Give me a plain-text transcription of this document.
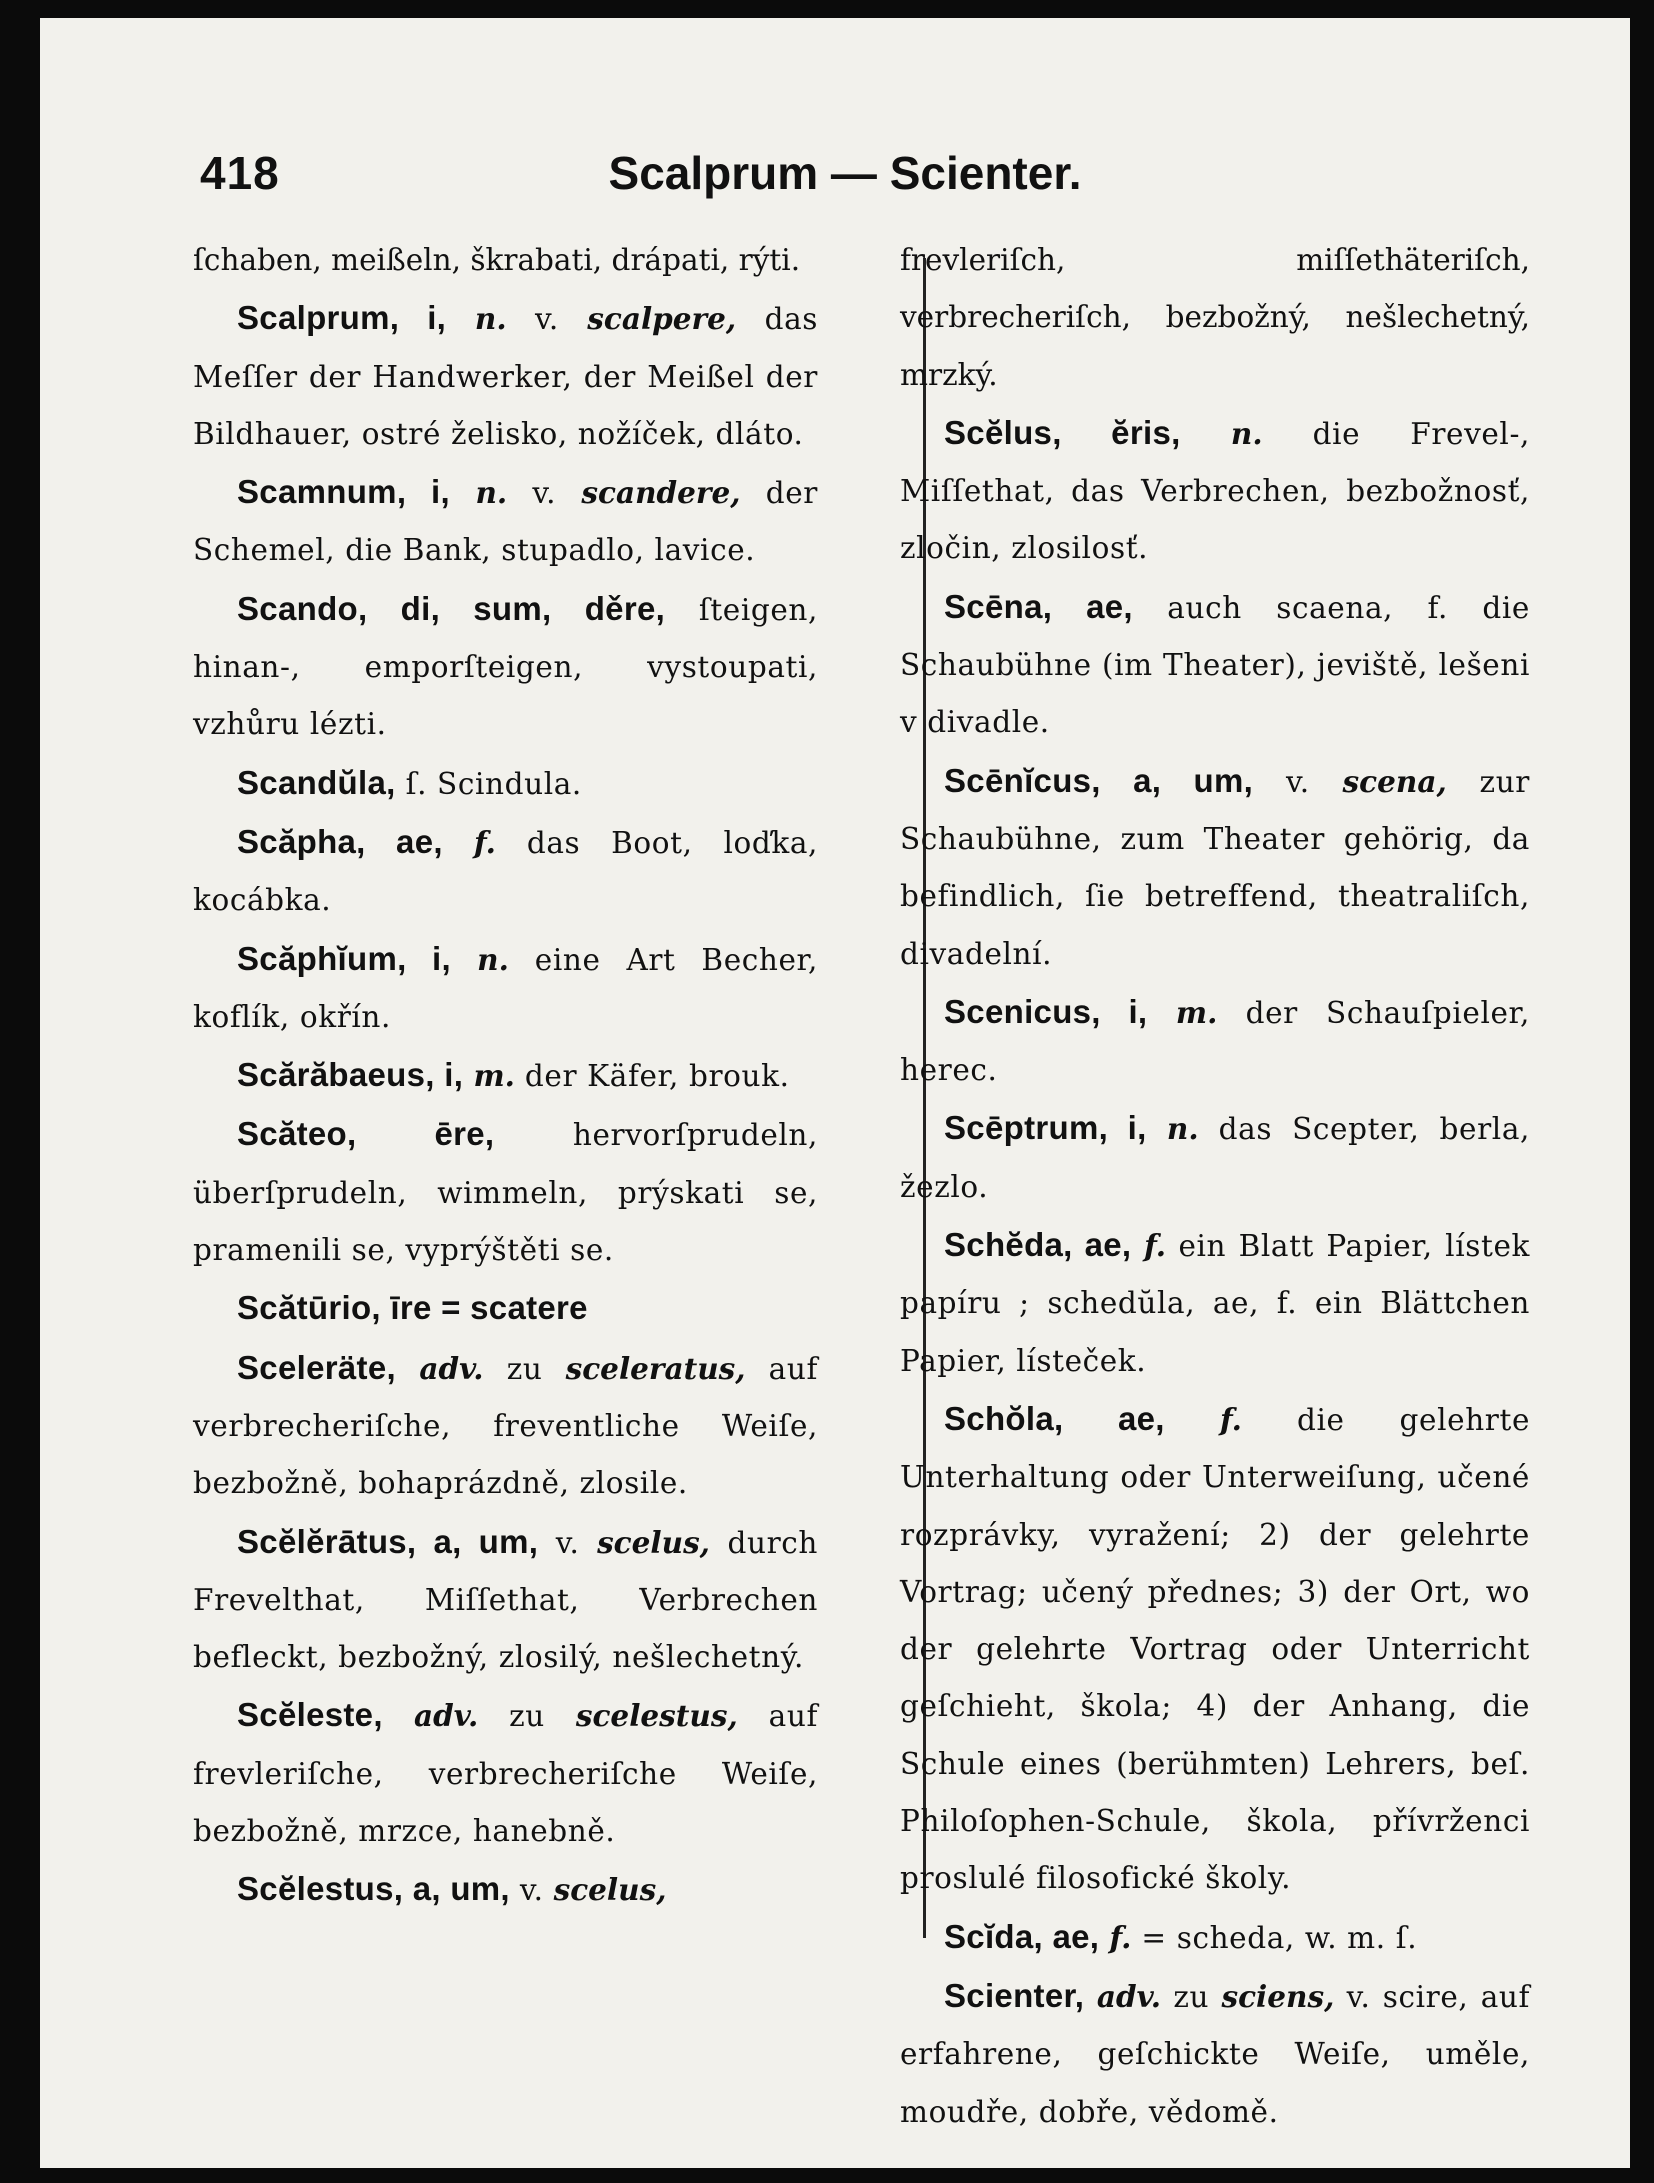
418	Scalprum — Scienter.

ſchaben, meißeln, škrabati, drápati, rýti.

Scalprum, i, n. v. scalpere, das Meſſer der Handwerker, der Meißel der Bildhauer, ostré želisko, nožíček, dláto.

Scamnum, i, n. v. scandere, der Schemel, die Bank, stupadlo, lavice.

Scando, di, sum, děre, ſteigen, hinan-, emporſteigen, vystoupati, vzhůru lézti.

Scandŭla, ſ. Scindula.

Scăpha, ae, f. das Boot, loďka, kocábka.

Scăphĭum, i, n. eine Art Becher, koflík, okřín.

Scărăbaeus, i, m. der Käfer, brouk.

Scăteo, ēre, hervorſprudeln, überſprudeln, wimmeln, prýskati se, pramenili se, vyprýštěti se.

Scătūrio, īre = scatere

Sceleräte, adv. zu sceleratus, auf verbrecheriſche, freventliche Weiſe, bezbožně, bohaprázdně, zlosile.

Scĕlĕrātus, a, um, v. scelus, durch Frevelthat, Miſſethat, Verbrechen befleckt, bezbožný, zlosilý, nešlechetný.

Scĕleste, adv. zu scelestus, auf frevleriſche, verbrecheriſche Weiſe, bezbožně, mrzce, hanebně.

Scĕlestus, a, um, v. scelus,

frevleriſch, miſſethäteriſch, verbrecheriſch, bezbožný, nešlechetný, mrzký.

Scĕlus, ĕris, n. die Frevel-, Miſſethat, das Verbrechen, bezbožnosť, zločin, zlosilosť.

Scēna, ae, auch scaena, f. die Schaubühne (im Theater), jeviště, lešeni v divadle.

Scēnĭcus, a, um, v. scena, zur Schaubühne, zum Theater gehörig, da befindlich, ſie betreffend, theatraliſch, divadelní.

Scenicus, i, m. der Schauſpieler, herec.

Scēptrum, i, n. das Scepter, berla, žezlo.

Schĕda, ae, f. ein Blatt Papier, lístek papíru ; schedŭla, ae, f. ein Blättchen Papier, lísteček.

Schŏla, ae, f. die gelehrte Unterhaltung oder Unterweiſung, učené rozprávky, vyražení; 2) der gelehrte Vortrag; učený přednes; 3) der Ort, wo der gelehrte Vortrag oder Unterricht geſchieht, škola; 4) der Anhang, die Schule eines (berühmten) Lehrers, beſ. Philoſophen-Schule, škola, přívrženci proslulé filosofické školy.

Scĭda, ae, f. = scheda, w. m. ſ.

Scienter, adv. zu sciens, v. scire, auf erfahrene, geſchickte Weiſe, uměle, moudře, dobře, vědomě.
